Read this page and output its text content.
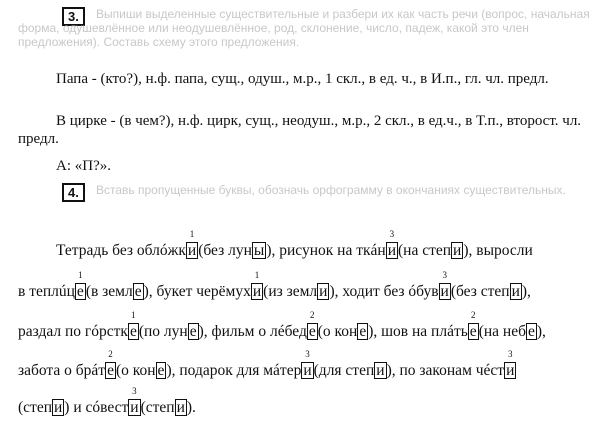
3.	Выпиши выделенные существительные и разбери их как часть речи (вопрос, начальная форма, одушевлённое или неодушевлённое, род, склонение, число, падеж, какой это член предложения). Составь схему этого предложения.
Папа - (кто?), н.ф. папа, сущ., одуш., м.р., 1 скл., в ед. ч., в И.п., гл. чл. предл.
В цирке - (в чем?), н.ф. цирк, сущ., неодуш., м.р., 2 скл., в ед.ч., в Т.п., второст. чл. предл.
А: «П?».
4.	Вставь пропущенные буквы, обозначь орфограмму в окончаниях существительных.
Тетрадь без облóжк
1
и (без лун ы ), рисунок на ткáн
3
и (на степ и ), выросли
в теплúц
1
е (в земл е ), букет черёмух
1
и (из земл и ), ходит без óбув
3
и (без степ и ),
раздал по гóрстк
1
е (по лун е ), фильм о лéбед
2
е (о кон е ), шов на плáть
2
е (на неб е ),
забота о брáт
2
е (о кон е ), подарок для мáтер
3
и (для степ и ), по законам чéст
3
и
(степ и ) и сóвест
3
и (степ и ).
